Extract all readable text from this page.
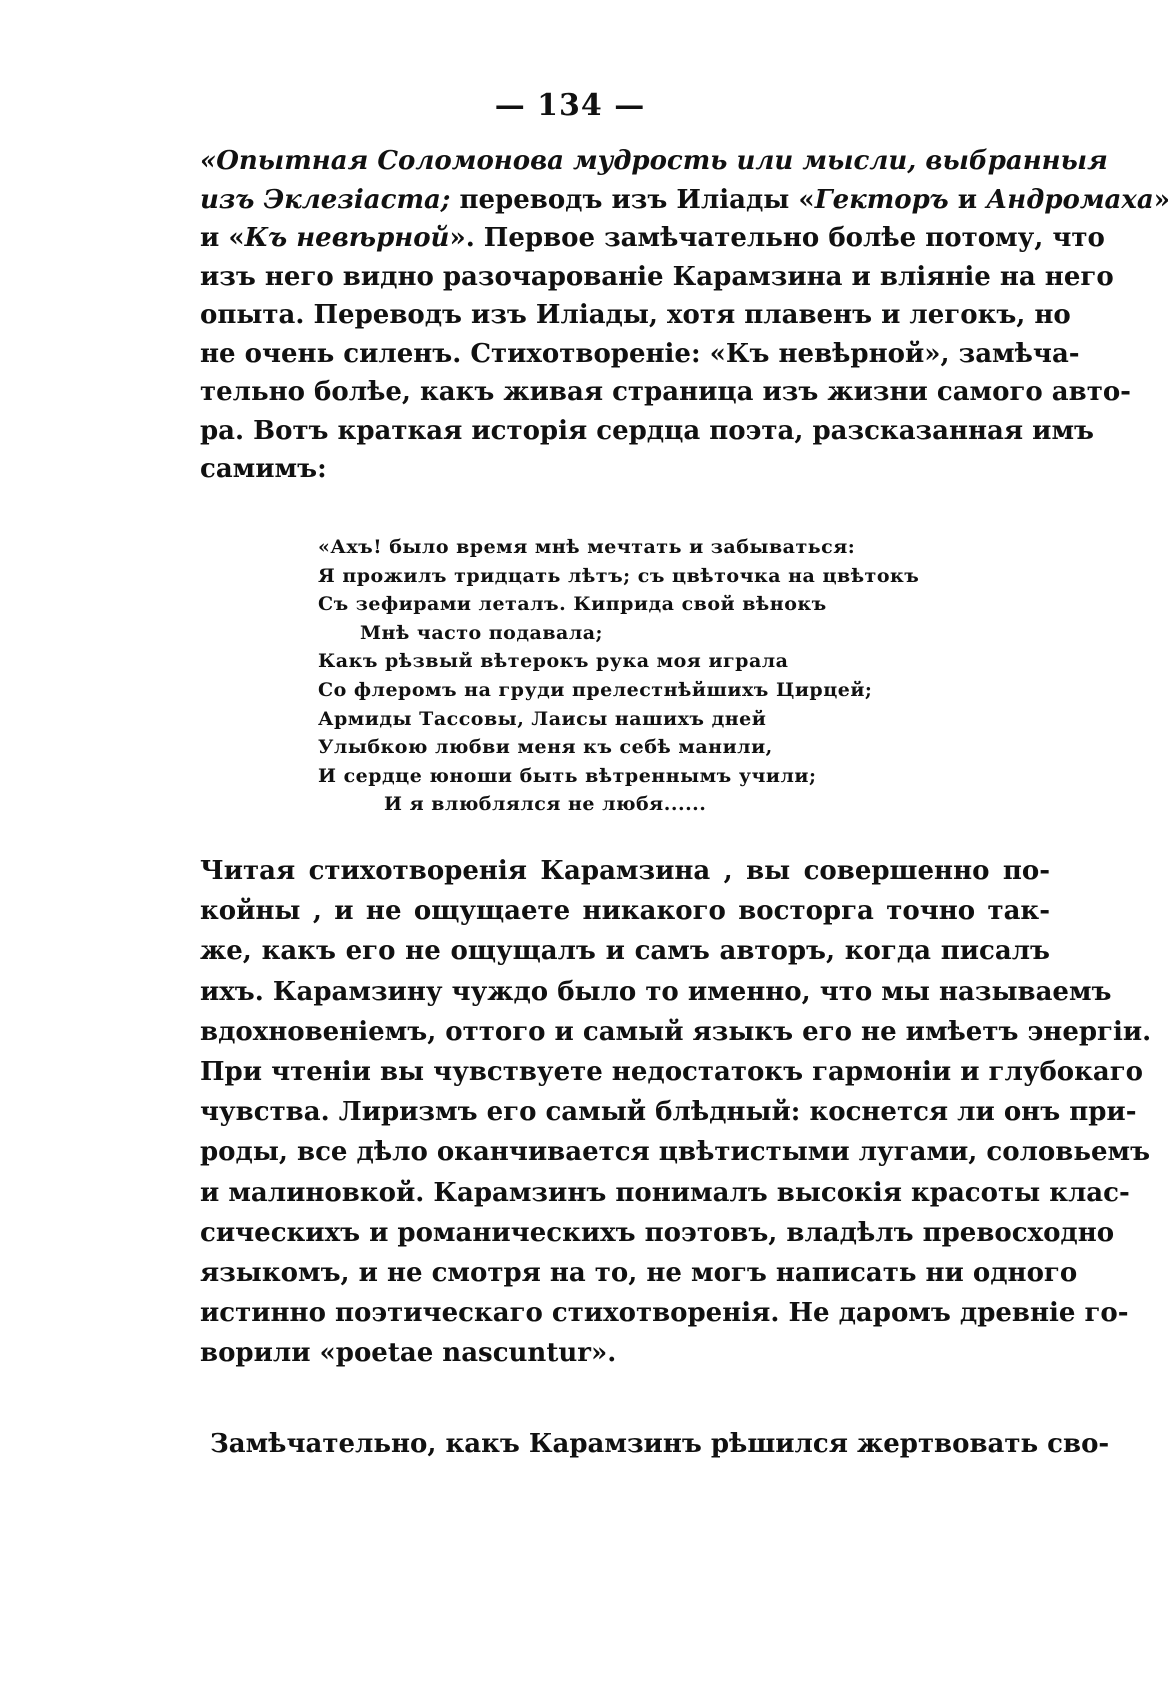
— 134 —
«Опытная Соломонова мудрость или мысли, выбранныя
изъ Эклезіаста; переводъ изъ Иліады «Гекторъ и Андромаха»
и «Къ невѣрной». Первое замѣчательно болѣе потому, что
изъ него видно разочарованіе Карамзина и вліяніе на него
опыта. Переводъ изъ Иліады, хотя плавенъ и легокъ, но
не очень силенъ. Стихотвореніе: «Къ невѣрной», замѣча-
тельно болѣе, какъ живая страница изъ жизни самого авто-
ра. Вотъ краткая исторія сердца поэта, разсказанная имъ
самимъ:
«Ахъ! было время мнѣ мечтать и забываться:
Я прожилъ тридцать лѣтъ; съ цвѣточка на цвѣтокъ
Съ зефирами леталъ. Киприда свой вѣнокъ
Мнѣ часто подавала;
Какъ рѣзвый вѣтерокъ рука моя играла
Со флеромъ на груди прелестнѣйшихъ Цирцей;
Армиды Тассовы, Лаисы нашихъ дней
Улыбкою любви меня къ себѣ манили,
И сердце юноши быть вѣтреннымъ учили;
И я влюблялся не любя......
Читая стихотворенія Карамзина , вы совершенно по-
койны , и не ощущаете никакого восторга точно так-
же, какъ его не ощущалъ и самъ авторъ, когда писалъ
ихъ. Карамзину чуждо было то именно, что мы называемъ
вдохновеніемъ, оттого и самый языкъ его не имѣетъ энергіи.
При чтеніи вы чувствуете недостатокъ гармоніи и глубокаго
чувства. Лиризмъ его самый блѣдный: коснется ли онъ при-
роды, все дѣло оканчивается цвѣтистыми лугами, соловьемъ
и малиновкой. Карамзинъ понималъ высокія красоты клас-
сическихъ и романическихъ поэтовъ, владѣлъ превосходно
языкомъ, и не смотря на то, не могъ написать ни одного
истинно поэтическаго стихотворенія. Не даромъ древніе го-
ворили «poetae nascuntur».
Замѣчательно, какъ Карамзинъ рѣшился жертвовать сво-
